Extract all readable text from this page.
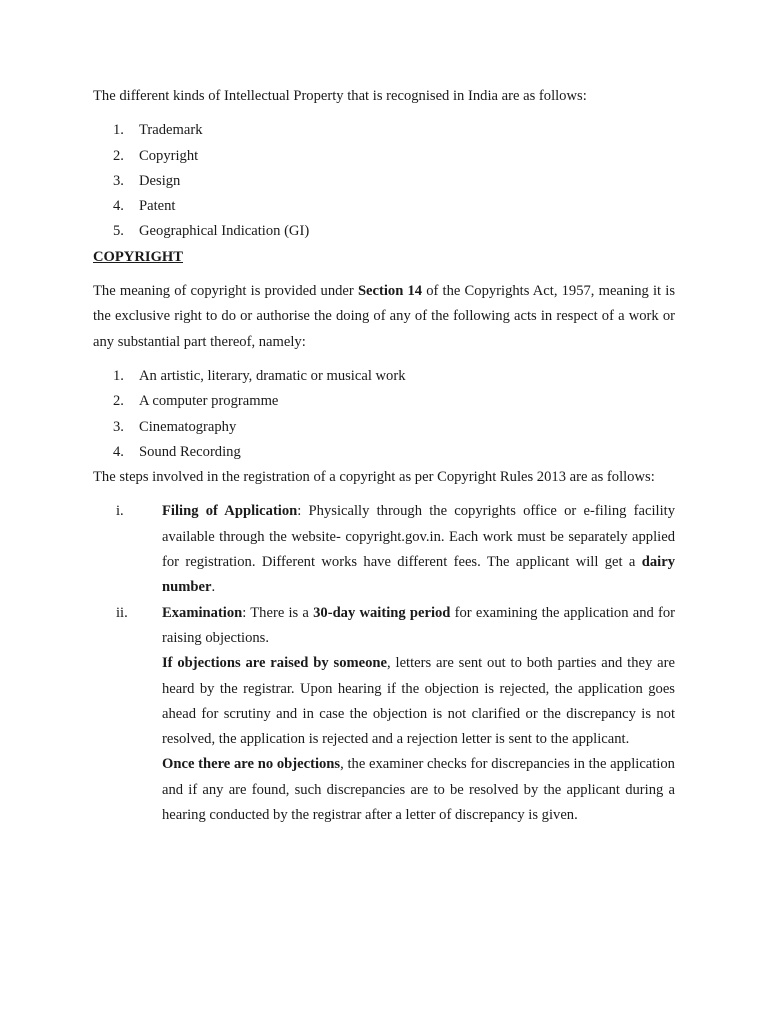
The different kinds of Intellectual Property that is recognised in India are as follows:

1. Trademark
2. Copyright
3. Design
4. Patent
5. Geographical Indication (GI)
COPYRIGHT

The meaning of copyright is provided under Section 14 of the Copyrights Act, 1957, meaning it is the exclusive right to do or authorise the doing of any of the following acts in respect of a work or any substantial part thereof, namely:

1. An artistic, literary, dramatic or musical work
2. A computer programme
3. Cinematography
4. Sound Recording

The steps involved in the registration of a copyright as per Copyright Rules 2013 are as follows:

i.	Filing of Application: Physically through the copyrights office or e-filing facility available through the website- copyright.gov.in. Each work must be separately applied for registration. Different works have different fees. The applicant will get a dairy number.

ii. Examination: There is a 30-day waiting period for examining the application and for raising objections.

If objections are raised by someone, letters are sent out to both parties and they are heard by the registrar. Upon hearing if the objection is rejected, the application goes ahead for scrutiny and in case the objection is not clarified or the discrepancy is not resolved, the application is rejected and a rejection letter is sent to the applicant.

Once there are no objections, the examiner checks for discrepancies in the application and if any are found, such discrepancies are to be resolved by the applicant during a hearing conducted by the registrar after a letter of discrepancy is given.
